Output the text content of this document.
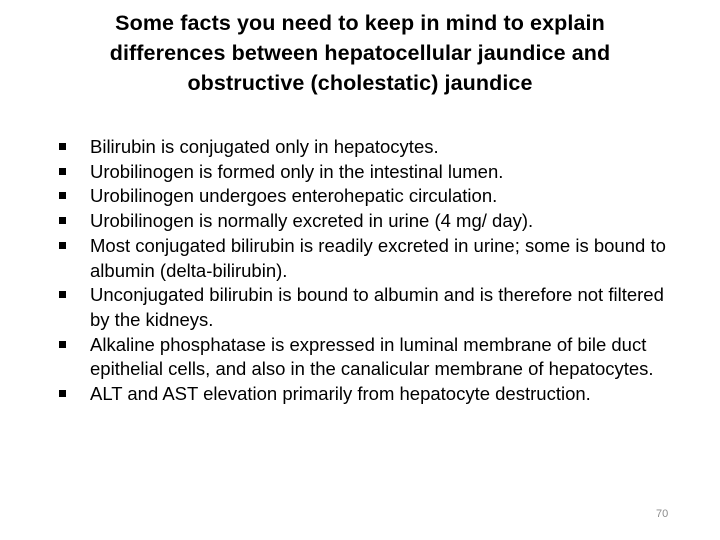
Some facts you need to keep in mind to explain differences between hepatocellular jaundice and obstructive (cholestatic) jaundice
Bilirubin is conjugated only in hepatocytes.
Urobilinogen is formed only in the intestinal lumen.
Urobilinogen undergoes enterohepatic circulation.
Urobilinogen is normally excreted in urine (4 mg/ day).
Most conjugated bilirubin is readily excreted in urine; some is bound to albumin (delta-bilirubin).
Unconjugated bilirubin is bound to albumin and is therefore not filtered by the kidneys.
Alkaline phosphatase is expressed in luminal membrane of bile duct epithelial cells, and also in the canalicular membrane of hepatocytes.
ALT and AST elevation primarily from hepatocyte destruction.
70
